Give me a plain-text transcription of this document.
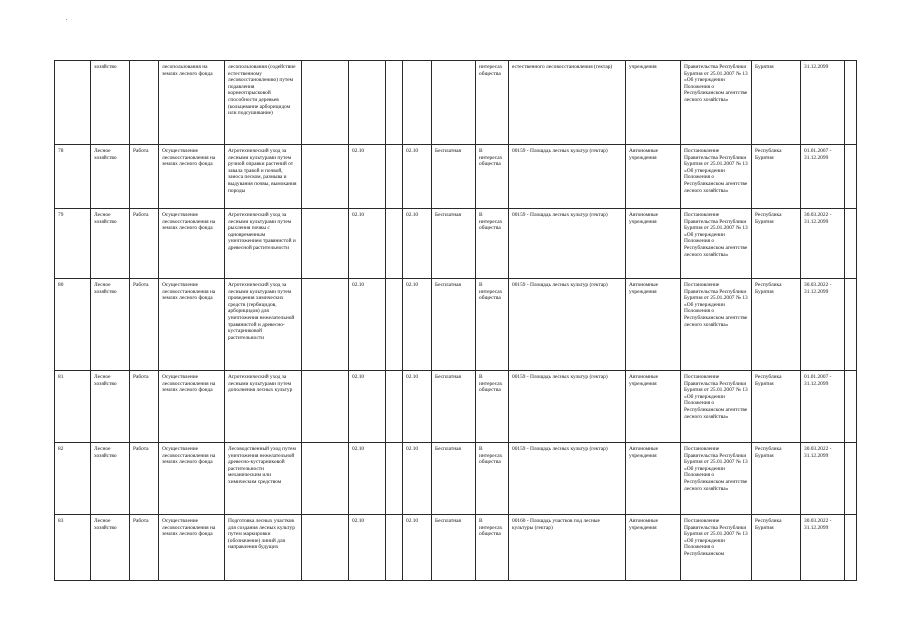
	хозяйство		лесопользования на землях лесного фонда	лесопользования (содействие естественному лесовосстановлению) путем подавления корнеотпрысковой способности деревьев (кольцевание арборицидом или подсушивание)						интересах общества	естественного лесовосстановления (гектар)	учреждения	Правительства Республики Бурятия от 25.01.2007 № 13 «Об утверждении Положения о Республиканском агентстве лесного хозяйства»	Бурятия	31.12.2099	
78	Лесное хозяйство	Работа	Осуществление лесовосстановления на землях лесного фонда	Агротехнический уход за лесными культурами путем ручной оправки растений от завала травой и почвой, заноса песком, размыва и выдувания почвы, вымокания породы		02.10		02.10	Бесплатная	В интересах общества	00159 - Площадь лесных культур (гектар)	Автономные учреждения	Постановление Правительства Республики Бурятия от 25.01.2007 № 13 «Об утверждении Положения о Республиканском агентстве лесного хозяйства»	Республика Бурятия	01.01.2007 - 31.12.2099	
79	Лесное хозяйство	Работа	Осуществление лесовосстановления на землях лесного фонда	Агротехнический уход за лесными культурами путем рыхления почвы с одновременным уничтожением травянистой и древесной растительности		02.10		02.10	Бесплатная	В интересах общества	00159 - Площадь лесных культур (гектар)	Автономные учреждения	Постановление Правительства Республики Бурятия от 25.01.2007 № 13 «Об утверждении Положения о Республиканском агентстве лесного хозяйства»	Республика Бурятия	30.03.2022 - 31.12.2099	
80	Лесное хозяйство	Работа	Осуществление лесовосстановления на землях лесного фонда	Агротехнический уход за лесными культурами путем проведения химических средств (гербицидов, арборицидов) для уничтожения нежелательной травянистой и древесно-кустарниковой растительности		02.10		02.10	Бесплатная	В интересах общества	00159 - Площадь лесных культур (гектар)	Автономные учреждения	Постановление Правительства Республики Бурятия от 25.01.2007 № 13 «Об утверждении Положения о Республиканском агентстве лесного хозяйства»	Республика Бурятия	30.03.2022 - 31.12.2099	
81	Лесное хозяйство	Работа	Осуществление лесовосстановления на землях лесного фонда	Агротехнический уход за лесными культурами путем дополнения лесных культур		02.10		02.10	Бесплатная	В интересах общества	00159 - Площадь лесных культур (гектар)	Автономные учреждения	Постановление Правительства Республики Бурятия от 25.01.2007 № 13 «Об утверждении Положения о Республиканском агентстве лесного хозяйства»	Республика Бурятия	01.01.2007 - 31.12.2099	
82	Лесное хозяйство	Работа	Осуществление лесовосстановления на землях лесного фонда	Лесоводственный уход путем уничтожения нежелательной древесно-кустарниковой растительности механическим или химическим средством		02.10		02.10	Бесплатная	В интересах общества	00159 - Площадь лесных культур (гектар)	Автономные учреждения	Постановление Правительства Республики Бурятия от 25.01.2007 № 13 «Об утверждении Положения о Республиканском агентстве лесного хозяйства»	Республика Бурятия	30.03.2022 - 31.12.2099	
83	Лесное хозяйство	Работа	Осуществление лесовосстановления на землях лесного фонда	Подготовка лесных участков для создания лесных культур путем маркировки (обозначение) линий для направления будущих		02.10		02.10	Бесплатная	В интересах общества	00160 - Площадь участков под лесные культуры (гектар)	Автономные учреждения	Постановление Правительства Республики Бурятия от 25.01.2007 № 13 «Об утверждении Положения о Республиканском	Республика Бурятия	30.03.2022 - 31.12.2099	
